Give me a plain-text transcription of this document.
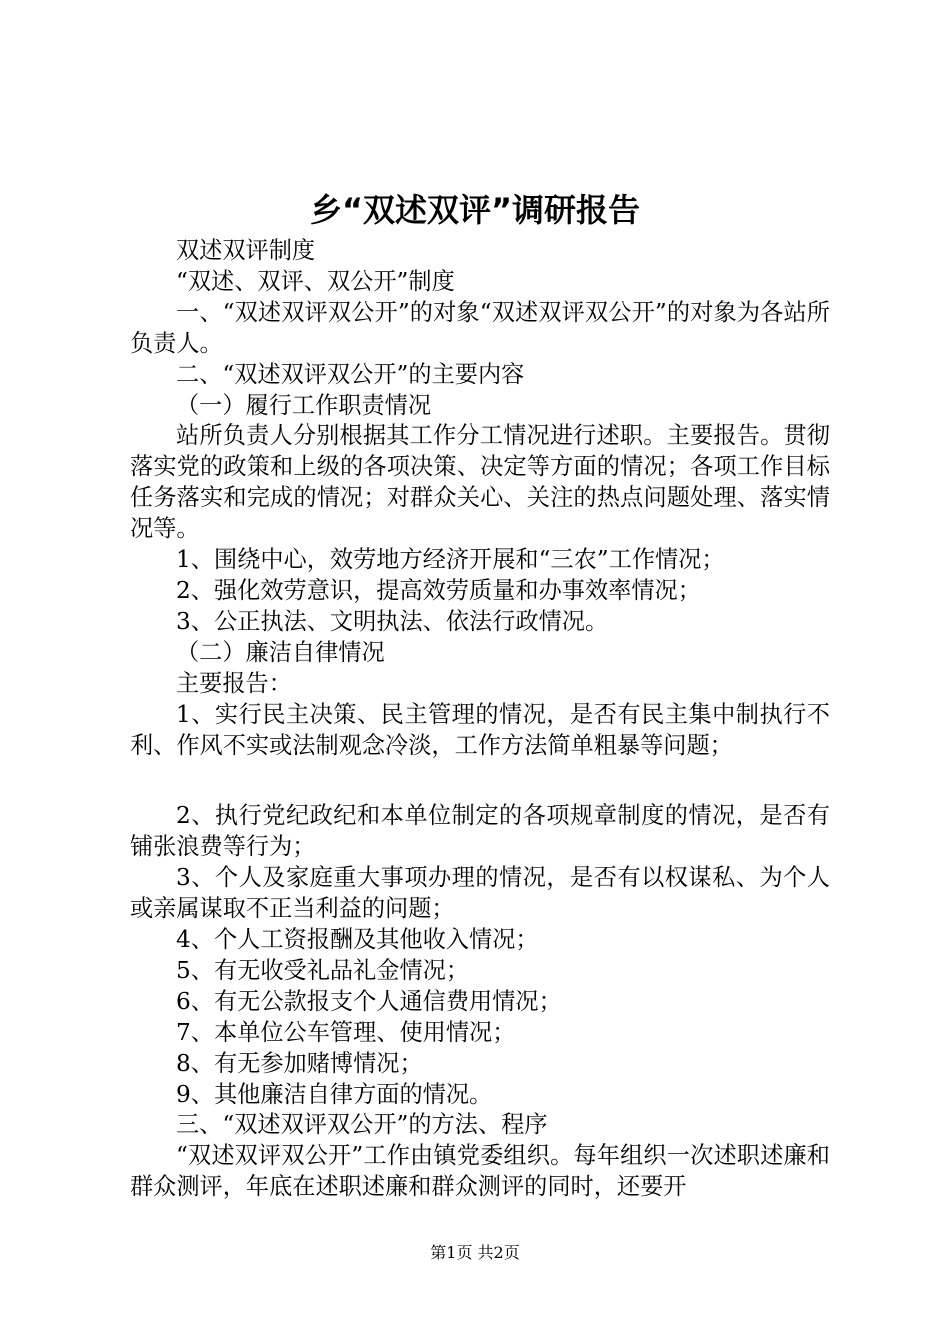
乡“双述双评”调研报告

双述双评制度

“双述、双评、双公开”制度

一、“双述双评双公开”的对象“双述双评双公开”的对象为各站所负责人。

二、“双述双评双公开”的主要内容

（一）履行工作职责情况

站所负责人分别根据其工作分工情况进行述职。主要报告。贯彻落实党的政策和上级的各项决策、决定等方面的情况；各项工作目标任务落实和完成的情况；对群众关心、关注的热点问题处理、落实情况等。

1、围绕中心，效劳地方经济开展和“三农”工作情况；

2、强化效劳意识，提高效劳质量和办事效率情况；

3、公正执法、文明执法、依法行政情况。

（二）廉洁自律情况

主要报告：

1、实行民主决策、民主管理的情况，是否有民主集中制执行不利、作风不实或法制观念冷淡，工作方法简单粗暴等问题；

2、执行党纪政纪和本单位制定的各项规章制度的情况，是否有铺张浪费等行为；

3、个人及家庭重大事项办理的情况，是否有以权谋私、为个人或亲属谋取不正当利益的问题；

4、个人工资报酬及其他收入情况；

5、有无收受礼品礼金情况；

6、有无公款报支个人通信费用情况；

7、本单位公车管理、使用情况；

8、有无参加赌博情况；

9、其他廉洁自律方面的情况。

三、“双述双评双公开”的方法、程序

“双述双评双公开”工作由镇党委组织。每年组织一次述职述廉和群众测评，年底在述职述廉和群众测评的同时，还要开

第1页 共2页
